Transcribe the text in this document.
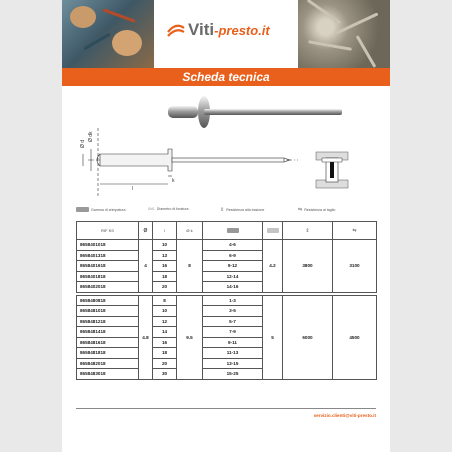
Viti-presto.it
Scheda tecnica
Ø d
Ø dk
l
k
Gamma di crimpatura	Ød1 Diametro di foratura	⇕ Resistenza alla trazione	⇆ Resistenza al taglio
RIF KS	Ø	l	Ø k			⇕	⇆
8658401018	4	10	8	4-6	4.2	3800	3100
8658401318		13		6-9			
8658401618		16		9-12			
8658401818		18		12-14			
8658402018		20		14-16			

8658480818	4.8	8	9.5	1-3	5	6000	4500
8658481018		10		3-5			
8658481218		12		5-7			
8658481418		14		7-9			
8658481618		16		9-11			
8658481818		18		11-13			
8658482018		20		13-15			
8658483018		30		15-25			
servizio.clienti@viti-presto.it
